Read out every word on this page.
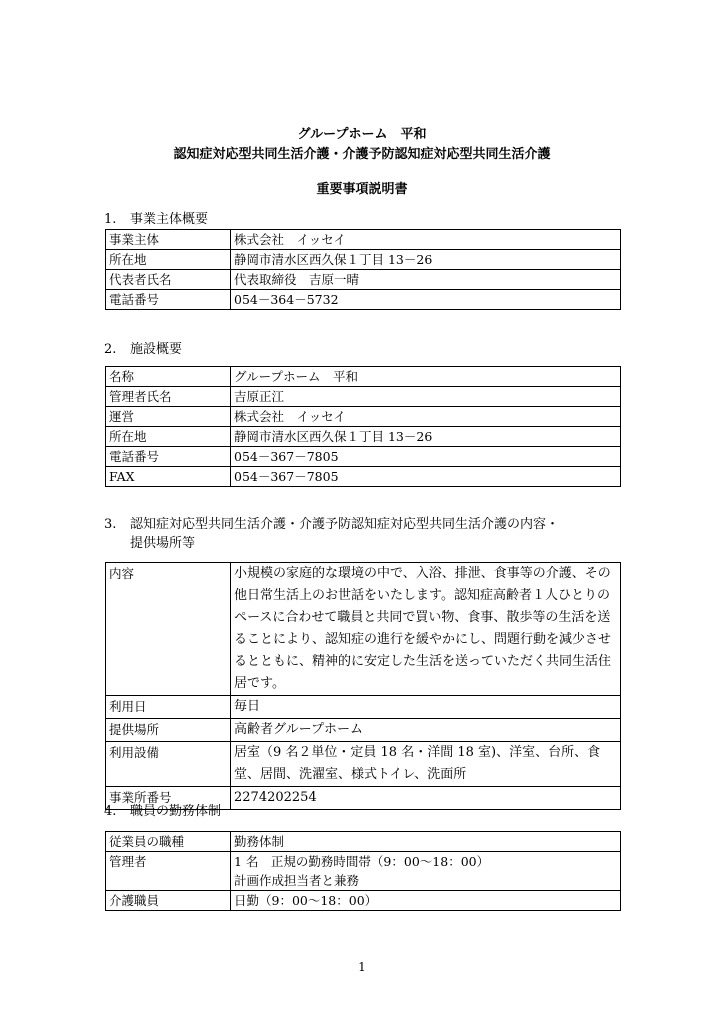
グループホーム　平和
認知症対応型共同生活介護・介護予防認知症対応型共同生活介護
重要事項説明書
1. 事業主体概要
事業主体	株式会社　イッセイ
所在地	静岡市清水区西久保１丁目 13－26
代表者氏名	代表取締役　吉原一晴
電話番号	054－364－5732
2. 施設概要
名称	グループホーム　平和
管理者氏名	吉原正江
運営	株式会社　イッセイ
所在地	静岡市清水区西久保１丁目 13－26
電話番号	054－367－7805
FAX	054－367－7805
3. 認知症対応型共同生活介護・介護予防認知症対応型共同生活介護の内容・
提供場所等
内容	小規模の家庭的な環境の中で、入浴、排泄、食事等の介護、その他日常生活上のお世話をいたします。認知症高齢者１人ひとりのペースに合わせて職員と共同で買い物、食事、散歩等の生活を送ることにより、認知症の進行を緩やかにし、問題行動を減少させるとともに、精神的に安定した生活を送っていただく共同生活住居です。
利用日	毎日
提供場所	高齢者グループホーム
利用設備	居室（9 名２単位・定員 18 名・洋間 18 室)、洋室、台所、食堂、居間、洗濯室、様式トイレ、洗面所
事業所番号	2274202254
4. 職員の勤務体制
従業員の職種	勤務体制
管理者	1 名　正規の勤務時間帯（9：00～18：00）
計画作成担当者と兼務

介護職員	日勤（9：00～18：00）
1
